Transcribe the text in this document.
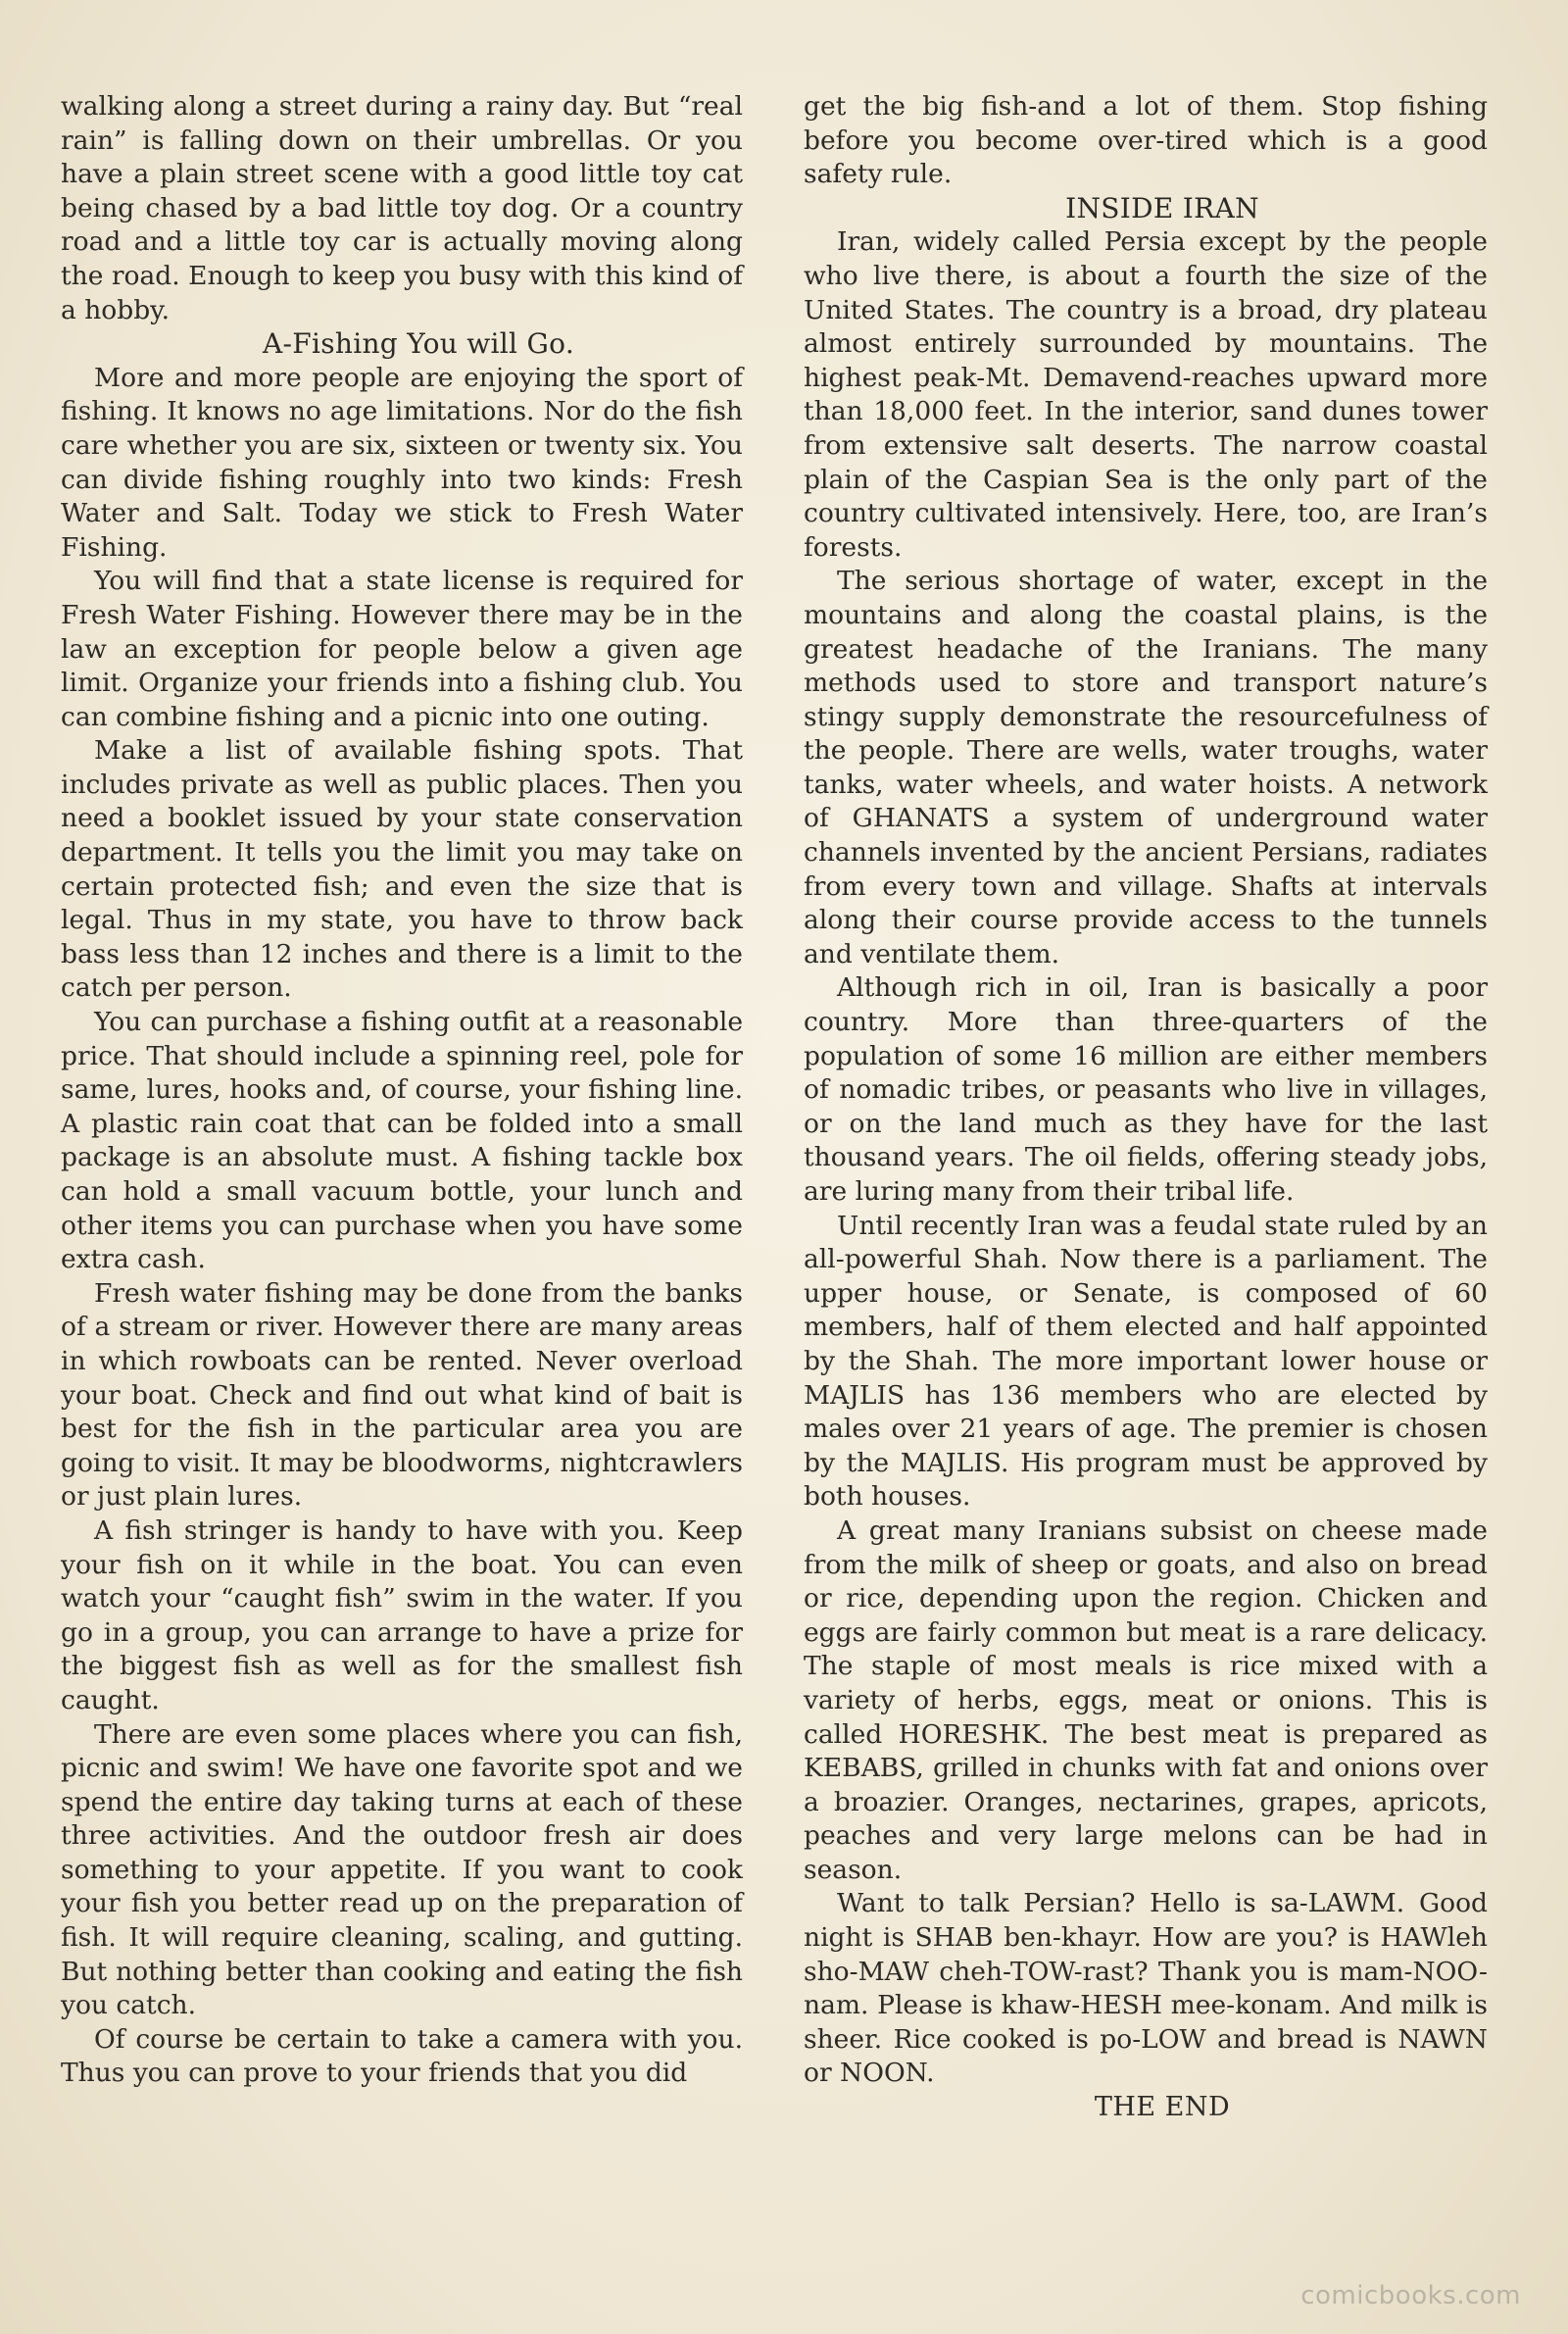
walking along a street during a rainy day. But “real rain” is falling down on their umbrellas. Or you have a plain street scene with a good little toy cat being chased by a bad little toy dog. Or a country road and a little toy car is actually moving along the road. Enough to keep you busy with this kind of a hobby.

A-Fishing You will Go.

More and more people are enjoying the sport of fishing. It knows no age limitations. Nor do the fish care whether you are six, sixteen or twenty six. You can divide fishing roughly into two kinds: Fresh Water and Salt. Today we stick to Fresh Water Fishing.

You will find that a state license is required for Fresh Water Fishing. However there may be in the law an exception for people below a given age limit. Organize your friends into a fishing club. You can combine fishing and a picnic into one outing.

Make a list of available fishing spots. That includes private as well as public places. Then you need a booklet issued by your state conservation department. It tells you the limit you may take on certain protected fish; and even the size that is legal. Thus in my state, you have to throw back bass less than 12 inches and there is a limit to the catch per person.

You can purchase a fishing outfit at a reasonable price. That should include a spinning reel, pole for same, lures, hooks and, of course, your fishing line. A plastic rain coat that can be folded into a small package is an absolute must. A fishing tackle box can hold a small vacuum bottle, your lunch and other items you can purchase when you have some extra cash.

Fresh water fishing may be done from the banks of a stream or river. However there are many areas in which rowboats can be rented. Never overload your boat. Check and find out what kind of bait is best for the fish in the particular area you are going to visit. It may be bloodworms, nightcrawlers or just plain lures.

A fish stringer is handy to have with you. Keep your fish on it while in the boat. You can even watch your “caught fish” swim in the water. If you go in a group, you can arrange to have a prize for the biggest fish as well as for the smallest fish caught.

There are even some places where you can fish, picnic and swim! We have one favorite spot and we spend the entire day taking turns at each of these three activities. And the outdoor fresh air does something to your appetite. If you want to cook your fish you better read up on the preparation of fish. It will require cleaning, scaling, and gutting. But nothing better than cooking and eating the fish you catch.

Of course be certain to take a camera with you. Thus you can prove to your friends that you did

get the big fish-and a lot of them. Stop fishing before you become over-tired which is a good safety rule.

INSIDE IRAN

Iran, widely called Persia except by the people who live there, is about a fourth the size of the United States. The country is a broad, dry plateau almost entirely surrounded by mountains. The highest peak-Mt. Demavend-reaches upward more than 18,000 feet. In the interior, sand dunes tower from extensive salt deserts. The narrow coastal plain of the Caspian Sea is the only part of the country cultivated intensively. Here, too, are Iran’s forests.

The serious shortage of water, except in the mountains and along the coastal plains, is the greatest headache of the Iranians. The many methods used to store and transport nature’s stingy supply demonstrate the resourcefulness of the people. There are wells, water troughs, water tanks, water wheels, and water hoists. A network of GHANATS a system of underground water channels invented by the ancient Persians, radiates from every town and village. Shafts at intervals along their course provide access to the tunnels and ventilate them.

Although rich in oil, Iran is basically a poor country. More than three-quarters of the population of some 16 million are either members of nomadic tribes, or peasants who live in villages, or on the land much as they have for the last thousand years. The oil fields, offering steady jobs, are luring many from their tribal life.

Until recently Iran was a feudal state ruled by an all-powerful Shah. Now there is a parliament. The upper house, or Senate, is composed of 60 members, half of them elected and half appointed by the Shah. The more important lower house or MAJLIS has 136 members who are elected by males over 21 years of age. The premier is chosen by the MAJLIS. His program must be approved by both houses.

A great many Iranians subsist on cheese made from the milk of sheep or goats, and also on bread or rice, depending upon the region. Chicken and eggs are fairly common but meat is a rare delicacy. The staple of most meals is rice mixed with a variety of herbs, eggs, meat or onions. This is called HORESHK. The best meat is prepared as KEBABS, grilled in chunks with fat and onions over a broazier. Oranges, nectarines, grapes, apricots, peaches and very large melons can be had in season.

Want to talk Persian? Hello is sa-LAWM. Good night is SHAB ben-khayr. How are you? is HAWleh sho-MAW cheh-TOW-rast? Thank you is mam-NOO-nam. Please is khaw-HESH mee-konam. And milk is sheer. Rice cooked is po-LOW and bread is NAWN or NOON.

THE END

comicbooks.com
